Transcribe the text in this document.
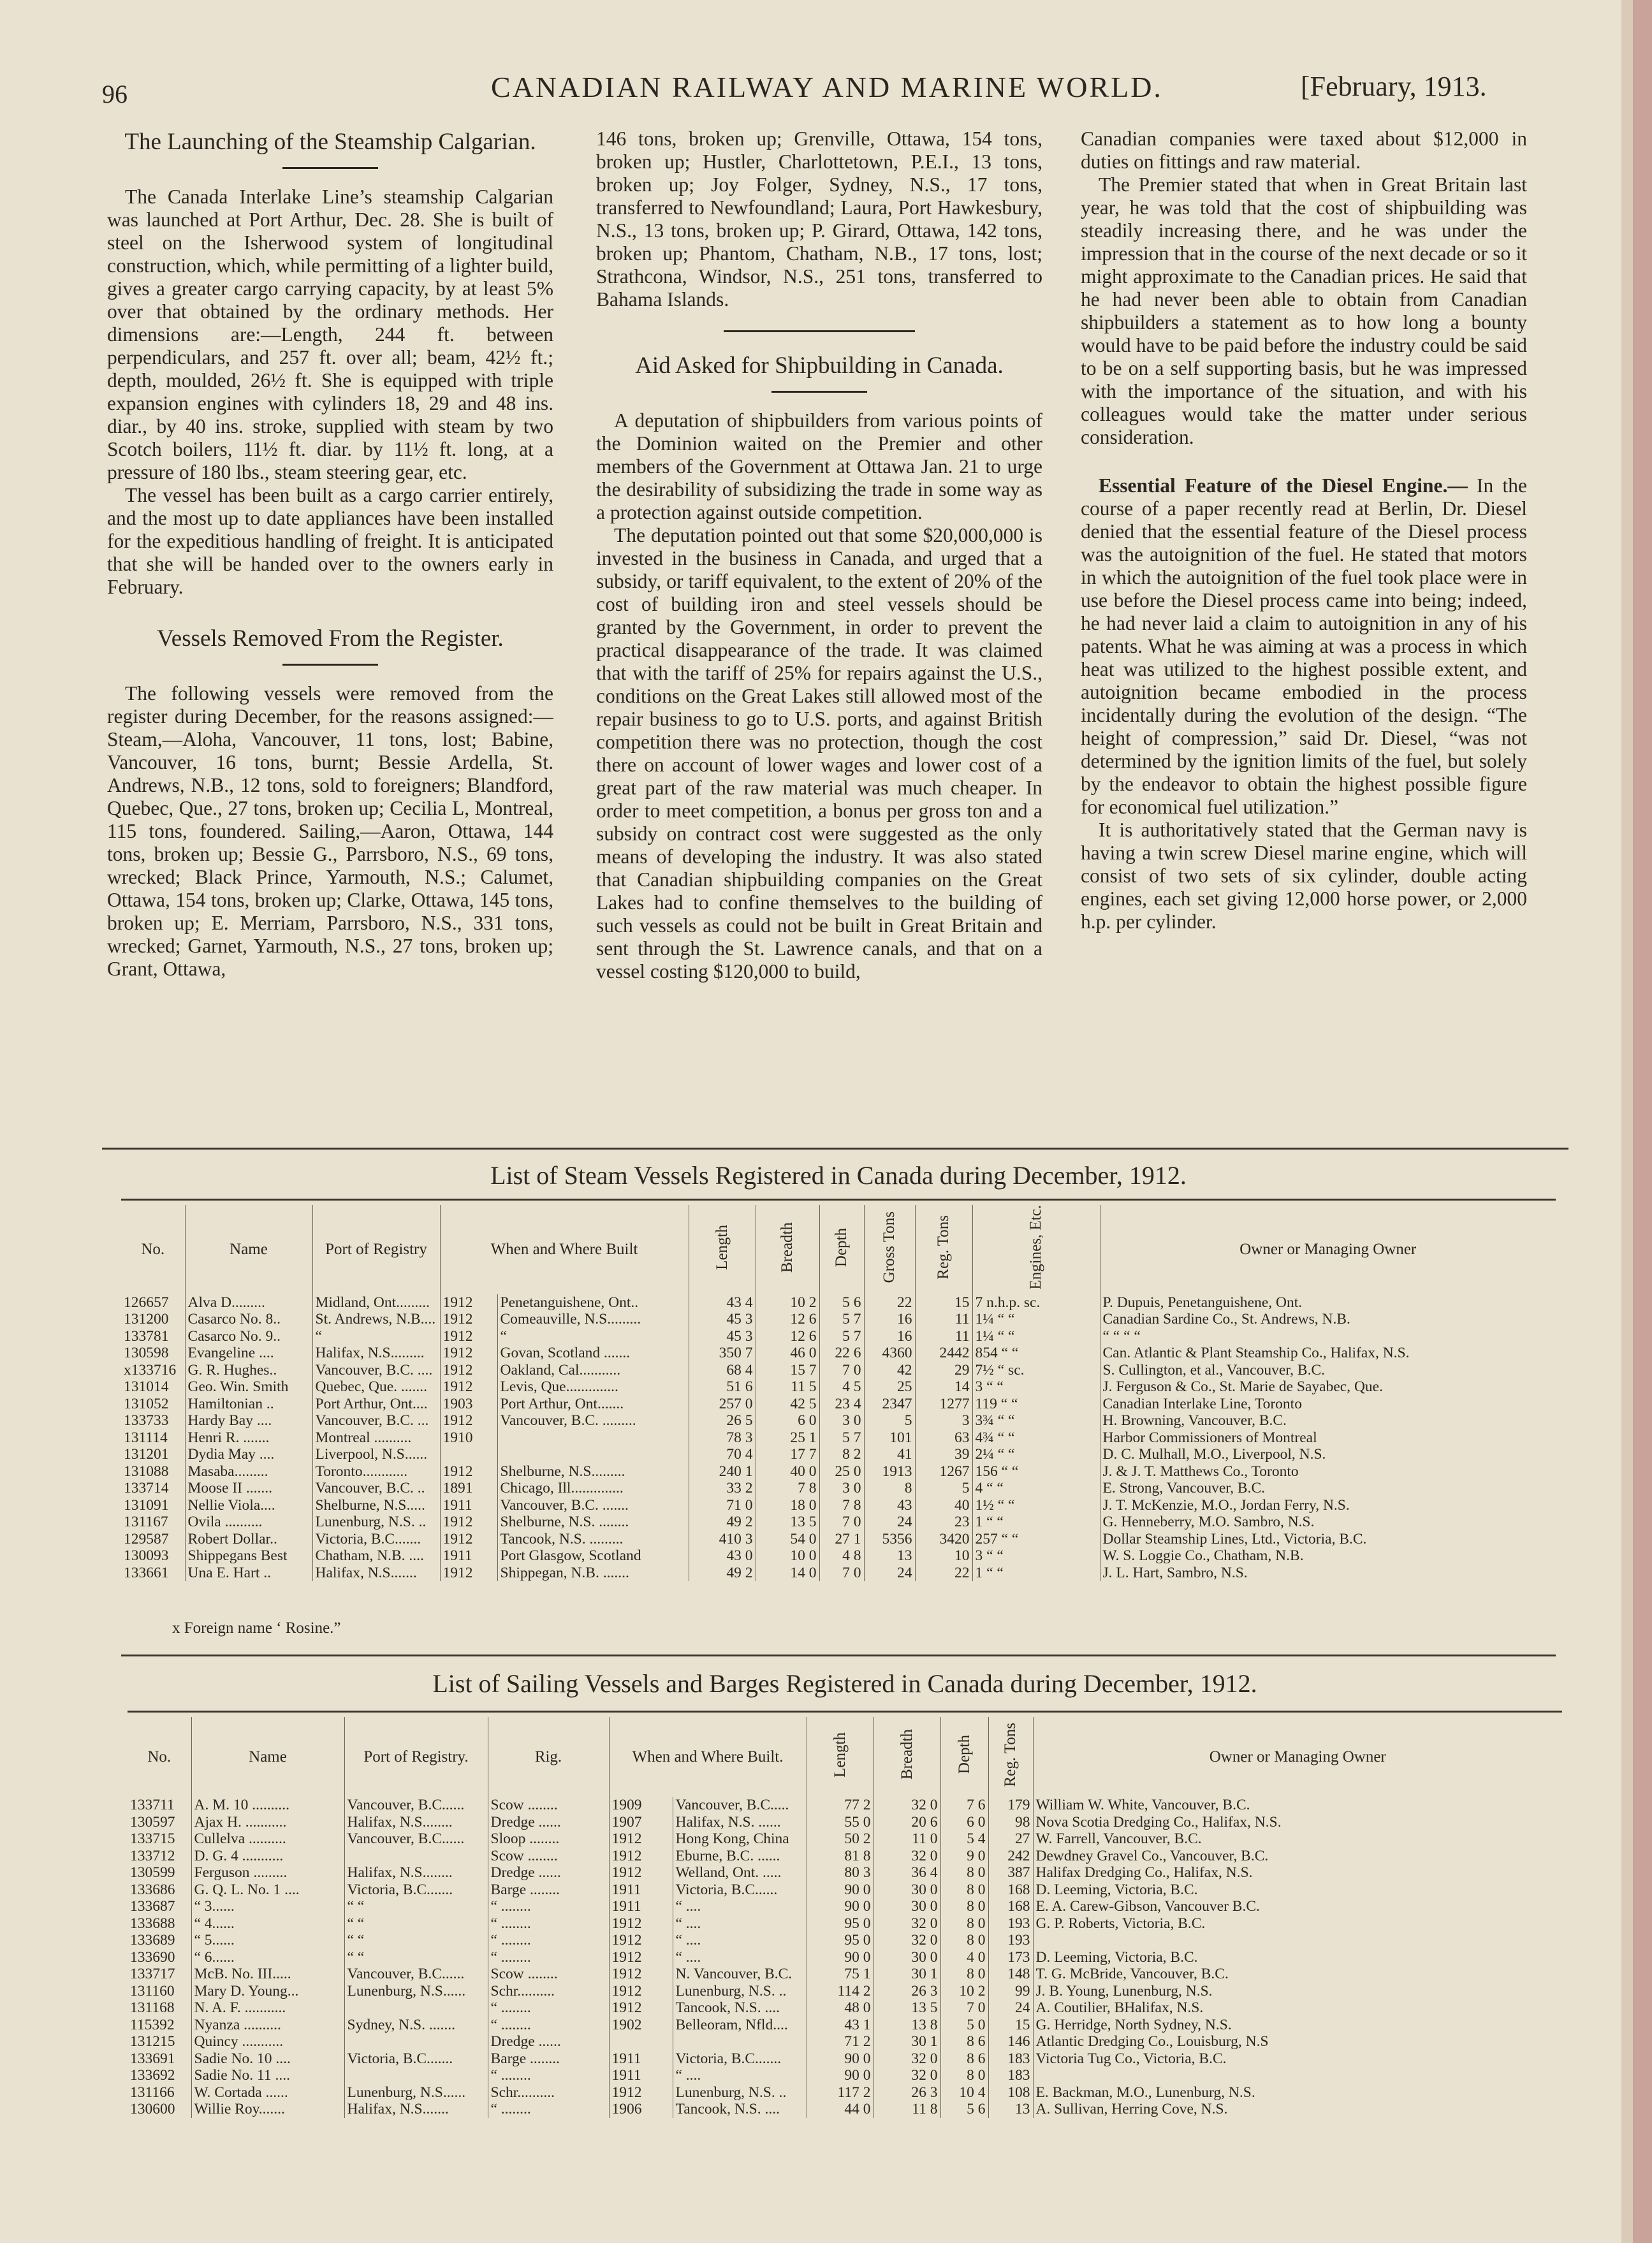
96	CANADIAN RAILWAY AND MARINE WORLD.	[February, 1913.
The Launching of the Steamship Calgarian.

The Canada Interlake Line’s steamship Calgarian was launched at Port Arthur, Dec. 28. She is built of steel on the Isherwood system of longitudinal construction, which, while permitting of a lighter build, gives a greater cargo carrying capacity, by at least 5% over that obtained by the ordinary methods. Her dimensions are:—Length, 244 ft. between perpendiculars, and 257 ft. over all; beam, 42½ ft.; depth, moulded, 26½ ft. She is equipped with triple expansion engines with cylinders 18, 29 and 48 ins. diar., by 40 ins. stroke, supplied with steam by two Scotch boilers, 11½ ft. diar. by 11½ ft. long, at a pressure of 180 lbs., steam steering gear, etc.

The vessel has been built as a cargo carrier entirely, and the most up to date appliances have been installed for the expeditious handling of freight. It is anticipated that she will be handed over to the owners early in February.

Vessels Removed From the Register.

The following vessels were removed from the register during December, for the reasons assigned:—Steam,—Aloha, Vancouver, 11 tons, lost; Babine, Vancouver, 16 tons, burnt; Bessie Ardella, St. Andrews, N.B., 12 tons, sold to foreigners; Blandford, Quebec, Que., 27 tons, broken up; Cecilia L, Montreal, 115 tons, foundered. Sailing,—Aaron, Ottawa, 144 tons, broken up; Bessie G., Parrsboro, N.S., 69 tons, wrecked; Black Prince, Yarmouth, N.S.; Calumet, Ottawa, 154 tons, broken up; Clarke, Ottawa, 145 tons, broken up; E. Merriam, Parrsboro, N.S., 331 tons, wrecked; Garnet, Yarmouth, N.S., 27 tons, broken up; Grant, Ottawa,

146 tons, broken up; Grenville, Ottawa, 154 tons, broken up; Hustler, Charlottetown, P.E.I., 13 tons, broken up; Joy Folger, Sydney, N.S., 17 tons, transferred to Newfoundland; Laura, Port Hawkesbury, N.S., 13 tons, broken up; P. Girard, Ottawa, 142 tons, broken up; Phantom, Chatham, N.B., 17 tons, lost; Strathcona, Windsor, N.S., 251 tons, transferred to Bahama Islands.

Aid Asked for Shipbuilding in Canada.

A deputation of shipbuilders from various points of the Dominion waited on the Premier and other members of the Government at Ottawa Jan. 21 to urge the desirability of subsidizing the trade in some way as a protection against outside competition.

The deputation pointed out that some $20,000,000 is invested in the business in Canada, and urged that a subsidy, or tariff equivalent, to the extent of 20% of the cost of building iron and steel vessels should be granted by the Government, in order to prevent the practical disappearance of the trade. It was claimed that with the tariff of 25% for repairs against the U.S., conditions on the Great Lakes still allowed most of the repair business to go to U.S. ports, and against British competition there was no protection, though the cost there on account of lower wages and lower cost of a great part of the raw material was much cheaper. In order to meet competition, a bonus per gross ton and a subsidy on contract cost were suggested as the only means of developing the industry. It was also stated that Canadian shipbuilding companies on the Great Lakes had to confine themselves to the building of such vessels as could not be built in Great Britain and sent through the St. Lawrence canals, and that on a vessel costing $120,000 to build,

Canadian companies were taxed about $12,000 in duties on fittings and raw material.

The Premier stated that when in Great Britain last year, he was told that the cost of shipbuilding was steadily increasing there, and he was under the impression that in the course of the next decade or so it might approximate to the Canadian prices. He said that he had never been able to obtain from Canadian shipbuilders a statement as to how long a bounty would have to be paid before the industry could be said to be on a self supporting basis, but he was impressed with the importance of the situation, and with his colleagues would take the matter under serious consideration.

Essential Feature of the Diesel Engine.— In the course of a paper recently read at Berlin, Dr. Diesel denied that the essential feature of the Diesel process was the autoignition of the fuel. He stated that motors in which the autoignition of the fuel took place were in use before the Diesel process came into being; indeed, he had never laid a claim to autoignition in any of his patents. What he was aiming at was a process in which heat was utilized to the highest possible extent, and autoignition became embodied in the process incidentally during the evolution of the design. “The height of compression,” said Dr. Diesel, “was not determined by the ignition limits of the fuel, but solely by the endeavor to obtain the highest possible figure for economical fuel utilization.”

It is authoritatively stated that the German navy is having a twin screw Diesel marine engine, which will consist of two sets of six cylinder, double acting engines, each set giving 12,000 horse power, or 2,000 h.p. per cylinder.

List of Steam Vessels Registered in Canada during December, 1912.
No.	Name	Port of Registry	When and Where Built		Length	Breadth	Depth	Gross Tons	Reg. Tons	Engines, Etc.	Owner or Managing Owner
126657	Alva D.........	Midland, Ont.........	1912	Penetanguishene, Ont..	43 4	10 2	5 6	22	15	7 n.h.p. sc.	P. Dupuis, Penetanguishene, Ont.
131200	Casarco No. 8..	St. Andrews, N.B....	1912	Comeauville, N.S.........	45 3	12 6	5 7	16	11	1¼ “ “	Canadian Sardine Co., St. Andrews, N.B.
133781	Casarco No. 9..	“	1912	“	45 3	12 6	5 7	16	11	1¼ “ “	“ “ “ “
130598	Evangeline ....	Halifax, N.S.........	1912	Govan, Scotland .......	350 7	46 0	22 6	4360	2442	854 “ “	Can. Atlantic & Plant Steamship Co., Halifax, N.S.
x133716	G. R. Hughes..	Vancouver, B.C. ....	1912	Oakland, Cal...........	68 4	15 7	7 0	42	29	7½ “ sc.	S. Cullington, et al., Vancouver, B.C.
131014	Geo. Win. Smith	Quebec, Que. .......	1912	Levis, Que..............	51 6	11 5	4 5	25	14	3 “ “	J. Ferguson & Co., St. Marie de Sayabec, Que.
131052	Hamiltonian ..	Port Arthur, Ont....	1903	Port Arthur, Ont.......	257 0	42 5	23 4	2347	1277	119 “ “	Canadian Interlake Line, Toronto
133733	Hardy Bay ....	Vancouver, B.C. ...	1912	Vancouver, B.C. .........	26 5	6 0	3 0	5	3	3¾ “ “	H. Browning, Vancouver, B.C.
131114	Henri R. .......	Montreal ..........	1910		78 3	25 1	5 7	101	63	4¾ “ “	Harbor Commissioners of Montreal
131201	Dydia May ....	Liverpool, N.S......			70 4	17 7	8 2	41	39	2¼ “ “	D. C. Mulhall, M.O., Liverpool, N.S.
131088	Masaba.........	Toronto............	1912	Shelburne, N.S.........	240 1	40 0	25 0	1913	1267	156 “ “	J. & J. T. Matthews Co., Toronto
133714	Moose II .......	Vancouver, B.C. ..	1891	Chicago, Ill..............	33 2	7 8	3 0	8	5	4 “ “	E. Strong, Vancouver, B.C.
131091	Nellie Viola....	Shelburne, N.S.....	1911	Vancouver, B.C. .......	71 0	18 0	7 8	43	40	1½ “ “	J. T. McKenzie, M.O., Jordan Ferry, N.S.
131167	Ovila ..........	Lunenburg, N.S. ..	1912	Shelburne, N.S. ........	49 2	13 5	7 0	24	23	1 “ “	G. Henneberry, M.O. Sambro, N.S.
129587	Robert Dollar..	Victoria, B.C.......	1912	Tancook, N.S. .........	410 3	54 0	27 1	5356	3420	257 “ “	Dollar Steamship Lines, Ltd., Victoria, B.C.
130093	Shippegans Best	Chatham, N.B. ....	1911	Port Glasgow, Scotland	43 0	10 0	4 8	13	10	3 “ “	W. S. Loggie Co., Chatham, N.B.
133661	Una E. Hart ..	Halifax, N.S.......	1912	Shippegan, N.B. .......	49 2	14 0	7 0	24	22	1 “ “	J. L. Hart, Sambro, N.S.
x Foreign name ‘ Rosine.”
List of Sailing Vessels and Barges Registered in Canada during December, 1912.
No.	Name	Port of Registry.	Rig.	When and Where Built.		Length	Breadth	Depth	Reg. Tons	Owner or Managing Owner
133711	A. M. 10 ..........	Vancouver, B.C......	Scow ........	1909	Vancouver, B.C.....	77 2	32 0	7 6	179	William W. White, Vancouver, B.C.
130597	Ajax H. ...........	Halifax, N.S........	Dredge ......	1907	Halifax, N.S. ......	55 0	20 6	6 0	98	Nova Scotia Dredging Co., Halifax, N.S.
133715	Cullelva ..........	Vancouver, B.C......	Sloop ........	1912	Hong Kong, China	50 2	11 0	5 4	27	W. Farrell, Vancouver, B.C.
133712	D. G. 4 ...........		Scow ........	1912	Eburne, B.C. ......	81 8	32 0	9 0	242	Dewdney Gravel Co., Vancouver, B.C.
130599	Ferguson .........	Halifax, N.S........	Dredge ......	1912	Welland, Ont. .....	80 3	36 4	8 0	387	Halifax Dredging Co., Halifax, N.S.
133686	G. Q. L. No. 1 ....	Victoria, B.C.......	Barge ........	1911	Victoria, B.C......	90 0	30 0	8 0	168	D. Leeming, Victoria, B.C.
133687	“ 3......	“ “	“ ........	1911	“ ....	90 0	30 0	8 0	168	E. A. Carew-Gibson, Vancouver B.C.
133688	“ 4......	“ “	“ ........	1912	“ ....	95 0	32 0	8 0	193	G. P. Roberts, Victoria, B.C.
133689	“ 5......	“ “	“ ........	1912	“ ....	95 0	32 0	8 0	193	
133690	“ 6......	“ “	“ ........	1912	“ ....	90 0	30 0	4 0	173	D. Leeming, Victoria, B.C.
133717	McB. No. III.....	Vancouver, B.C......	Scow ........	1912	N. Vancouver, B.C.	75 1	30 1	8 0	148	T. G. McBride, Vancouver, B.C.
131160	Mary D. Young...	Lunenburg, N.S......	Schr..........	1912	Lunenburg, N.S. ..	114 2	26 3	10 2	99	J. B. Young, Lunenburg, N.S.
131168	N. A. F. ...........		“ ........	1912	Tancook, N.S. ....	48 0	13 5	7 0	24	A. Coutilier, BHalifax, N.S.
115392	Nyanza ..........	Sydney, N.S. .......	“ ........	1902	Belleoram, Nfld....	43 1	13 8	5 0	15	G. Herridge, North Sydney, N.S.
131215	Quincy ...........		Dredge ......			71 2	30 1	8 6	146	Atlantic Dredging Co., Louisburg, N.S
133691	Sadie No. 10 ....	Victoria, B.C.......	Barge ........	1911	Victoria, B.C.......	90 0	32 0	8 6	183	Victoria Tug Co., Victoria, B.C.
133692	Sadie No. 11 ....		“ ........	1911	“ ....	90 0	32 0	8 0	183	
131166	W. Cortada ......	Lunenburg, N.S......	Schr..........	1912	Lunenburg, N.S. ..	117 2	26 3	10 4	108	E. Backman, M.O., Lunenburg, N.S.
130600	Willie Roy.......	Halifax, N.S.......	“ ........	1906	Tancook, N.S. ....	44 0	11 8	5 6	13	A. Sullivan, Herring Cove, N.S.
